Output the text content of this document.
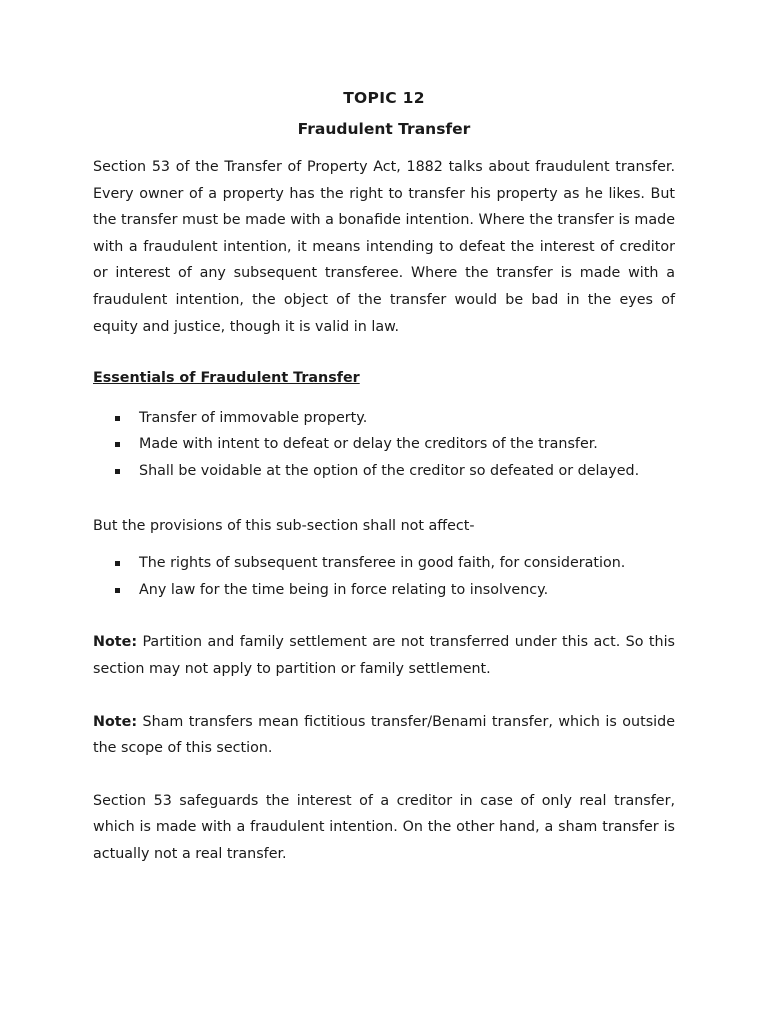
TOPIC 12
Fraudulent Transfer

Section 53 of the Transfer of Property Act, 1882 talks about fraudulent transfer. Every owner of a property has the right to transfer his property as he likes. But the transfer must be made with a bonafide intention. Where the transfer is made with a fraudulent intention, it means intending to defeat the interest of creditor or interest of any subsequent transferee. Where the transfer is made with a fraudulent intention, the object of the transfer would be bad in the eyes of equity and justice, though it is valid in law.

Essentials of Fraudulent Transfer
Transfer of immovable property.
Made with intent to defeat or delay the creditors of the transfer.
Shall be voidable at the option of the creditor so defeated or delayed.

But the provisions of this sub-section shall not affect-

The rights of subsequent transferee in good faith, for consideration.
Any law for the time being in force relating to insolvency.

Note: Partition and family settlement are not transferred under this act. So this section may not apply to partition or family settlement.

Note: Sham transfers mean fictitious transfer/Benami transfer, which is outside the scope of this section.

Section 53 safeguards the interest of a creditor in case of only real transfer, which is made with a fraudulent intention. On the other hand, a sham transfer is actually not a real transfer.
